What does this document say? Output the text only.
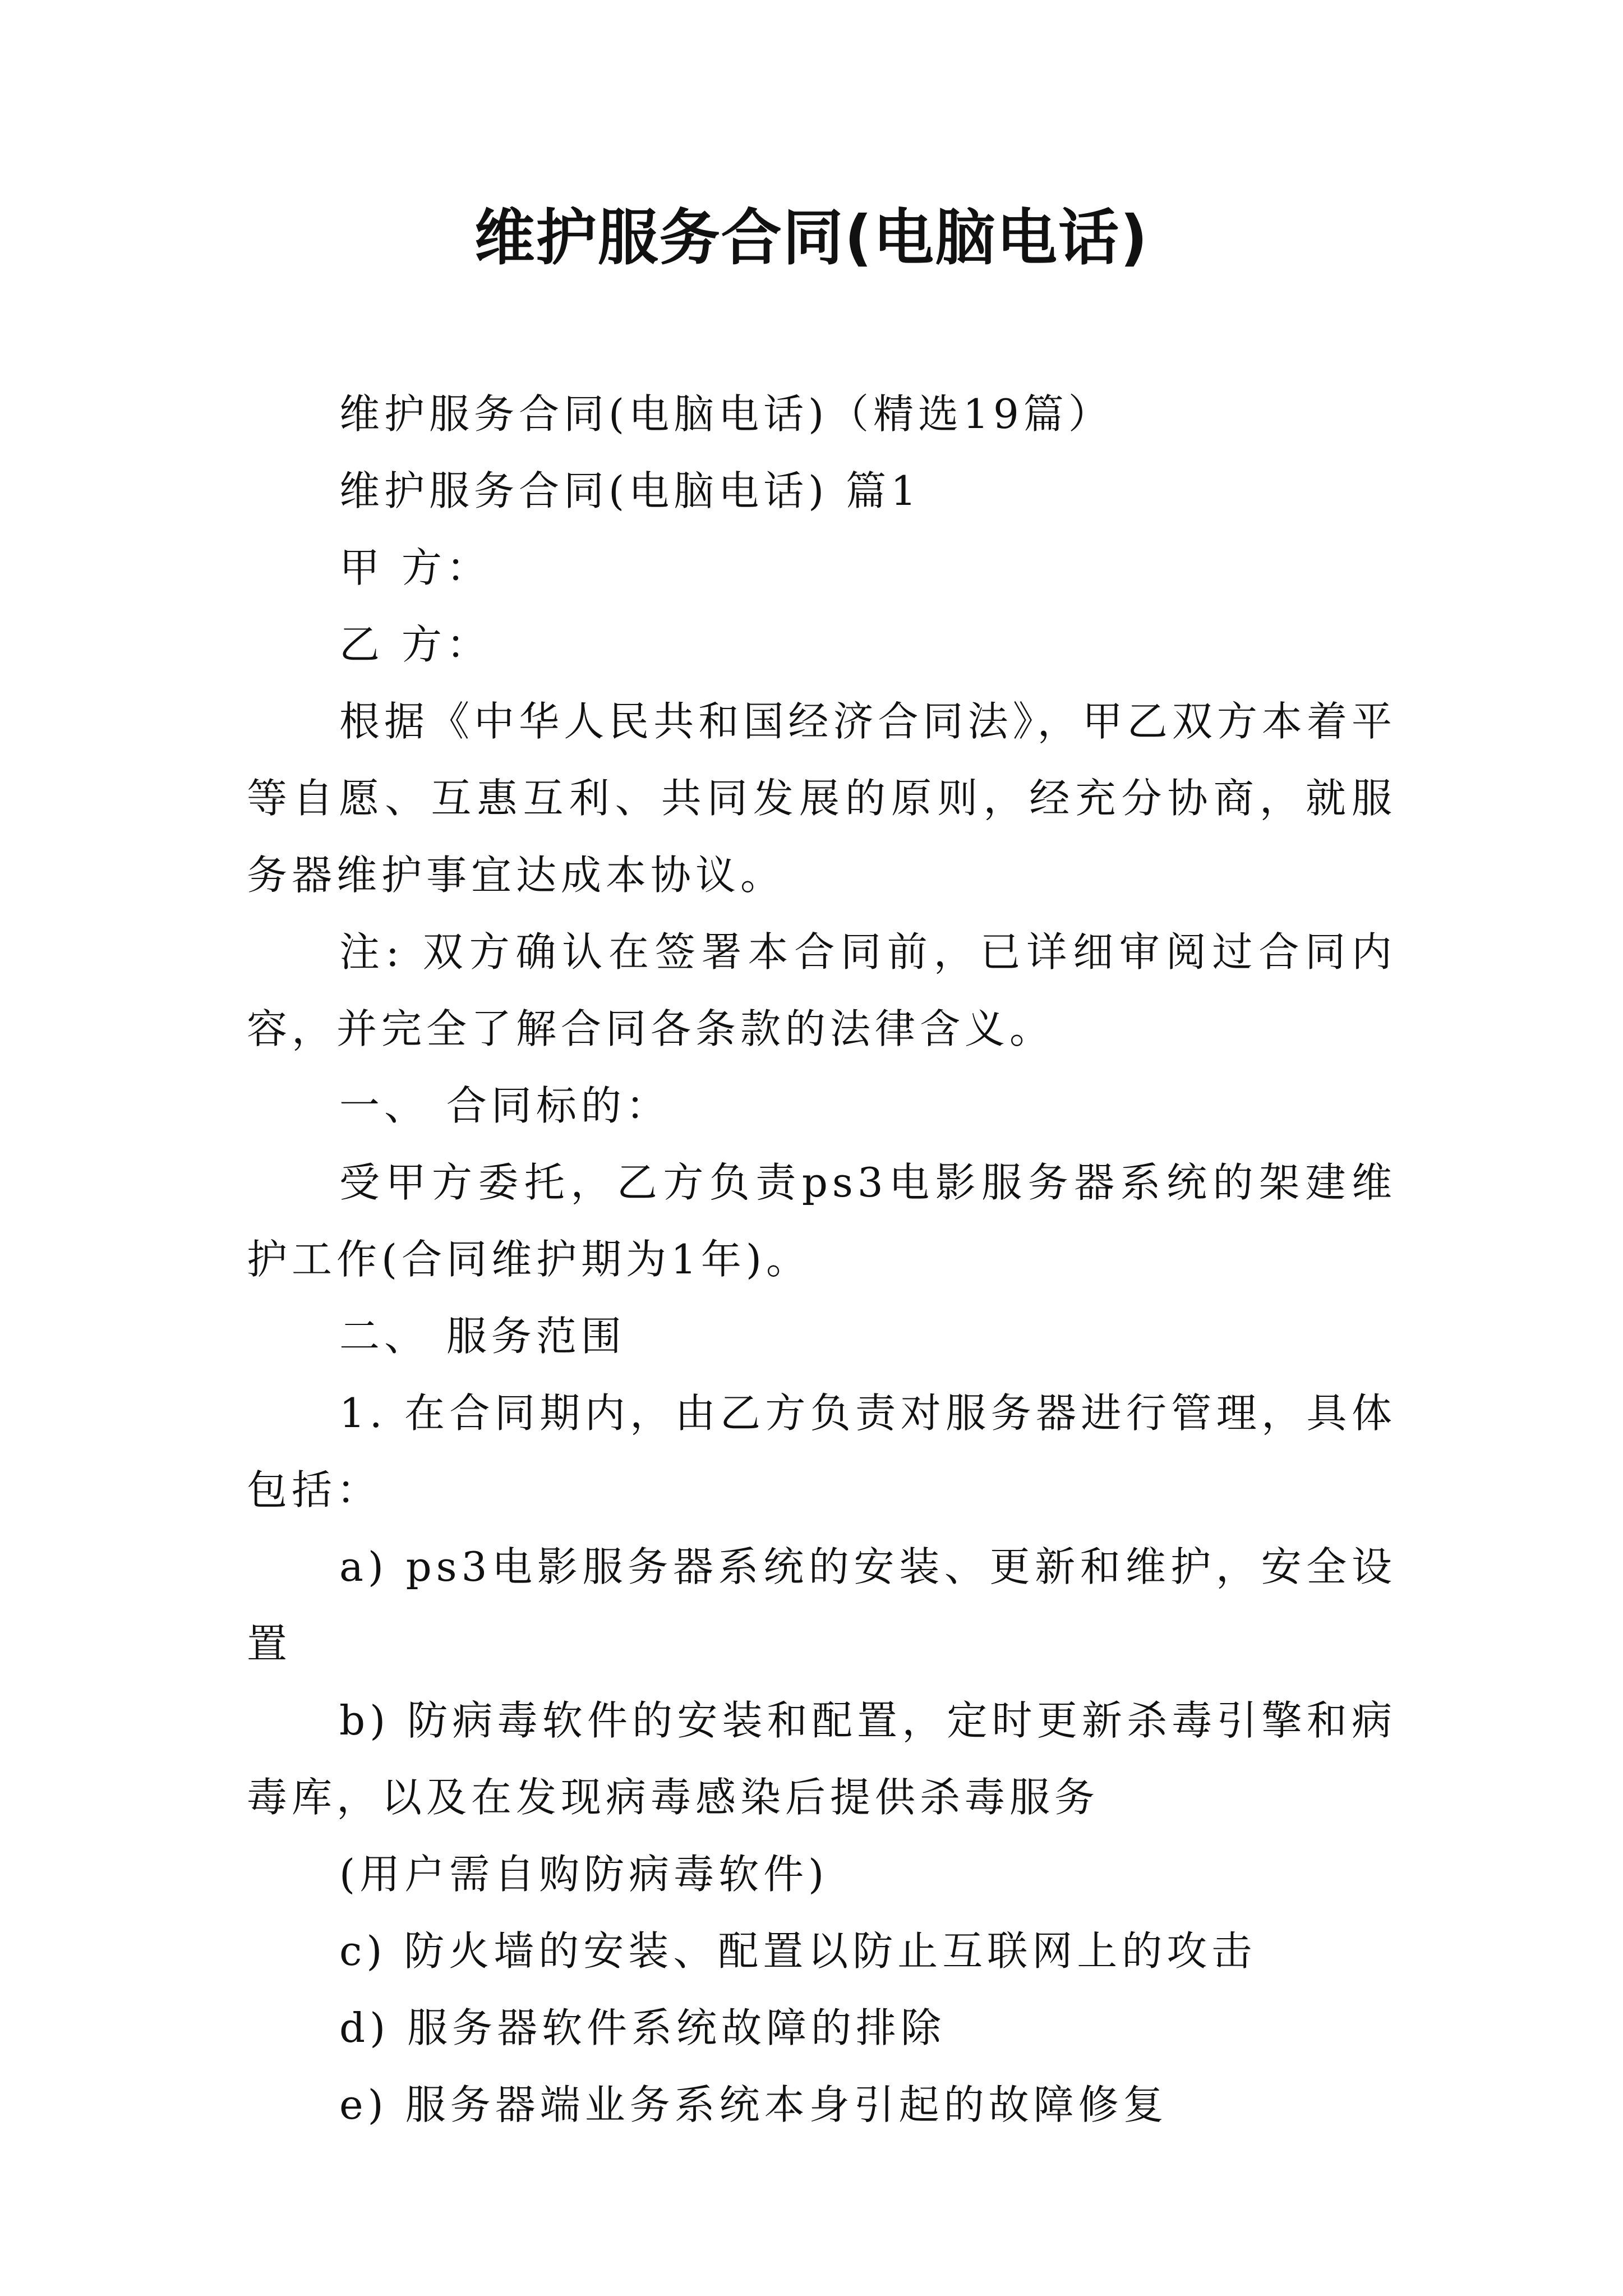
维护服务合同(电脑电话)

维护服务合同(电脑电话)（精选19篇）

维护服务合同(电脑电话) 篇1

甲 方：

乙 方：

根据《中华人民共和国经济合同法》，甲乙双方本着平等自愿、互惠互利、共同发展的原则，经充分协商，就服务器维护事宜达成本协议。

注: 双方确认在签署本合同前，已详细审阅过合同内容，并完全了解合同各条款的法律含义。

一、 合同标的：

受甲方委托，乙方负责ps3电影服务器系统的架建维护工作(合同维护期为1年)。

二、 服务范围

1. 在合同期内，由乙方负责对服务器进行管理，具体包括：

a) ps3电影服务器系统的安装、更新和维护，安全设置

b) 防病毒软件的安装和配置，定时更新杀毒引擎和病毒库，以及在发现病毒感染后提供杀毒服务

(用户需自购防病毒软件)

c) 防火墙的安装、配置以防止互联网上的攻击

d) 服务器软件系统故障的排除

e) 服务器端业务系统本身引起的故障修复
